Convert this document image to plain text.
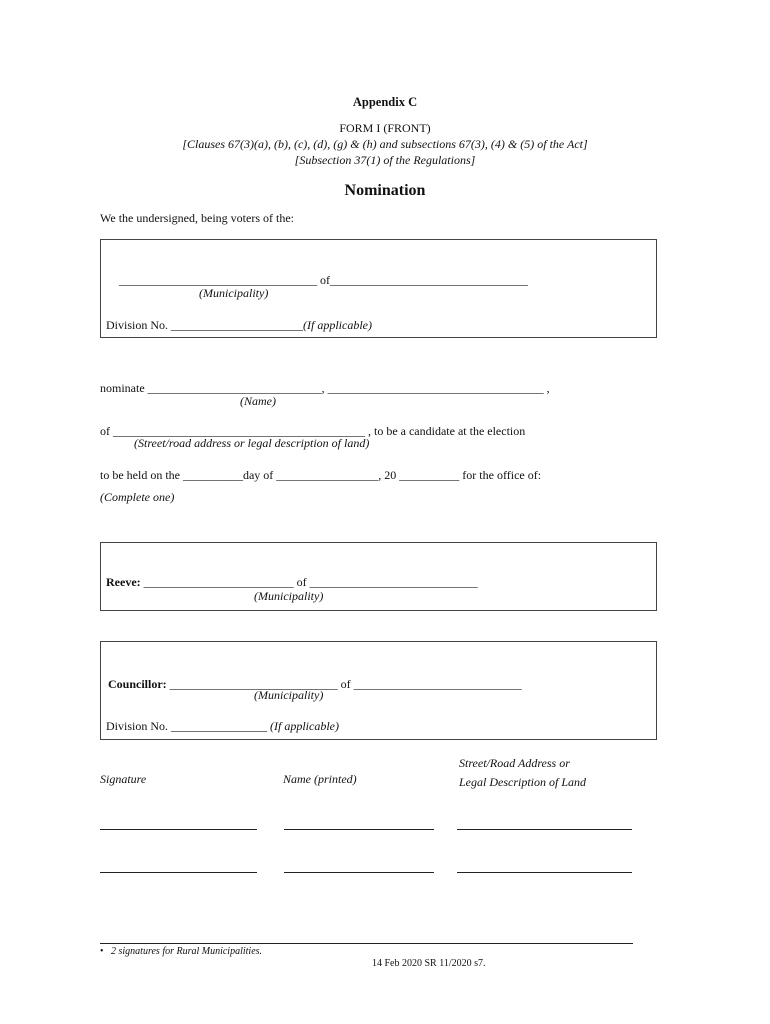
Appendix C
FORM I (FRONT)
[Clauses 67(3)(a), (b), (c), (d), (g) & (h) and subsections 67(3), (4) & (5) of the Act]
[Subsection 37(1) of the Regulations]
Nomination
We the undersigned, being voters of the:
_________________________________ of_________________________________
(Municipality)
Division No. ______________________(If applicable)
nominate _____________________________, ____________________________________ ,
(Name)
of __________________________________________ , to be a candidate at the election
(Street/road address or legal description of land)
to be held on the __________day of _________________, 20 __________ for the office of:
(Complete one)
Reeve: _________________________ of ____________________________
(Municipality)
Councillor: ____________________________ of ____________________________
(Municipality)
Division No. ________________ (If applicable)
Signature	Name (printed)
Street/Road Address or
Legal Description of Land
• 2 signatures for Rural Municipalities.
14 Feb 2020 SR 11/2020 s7.
